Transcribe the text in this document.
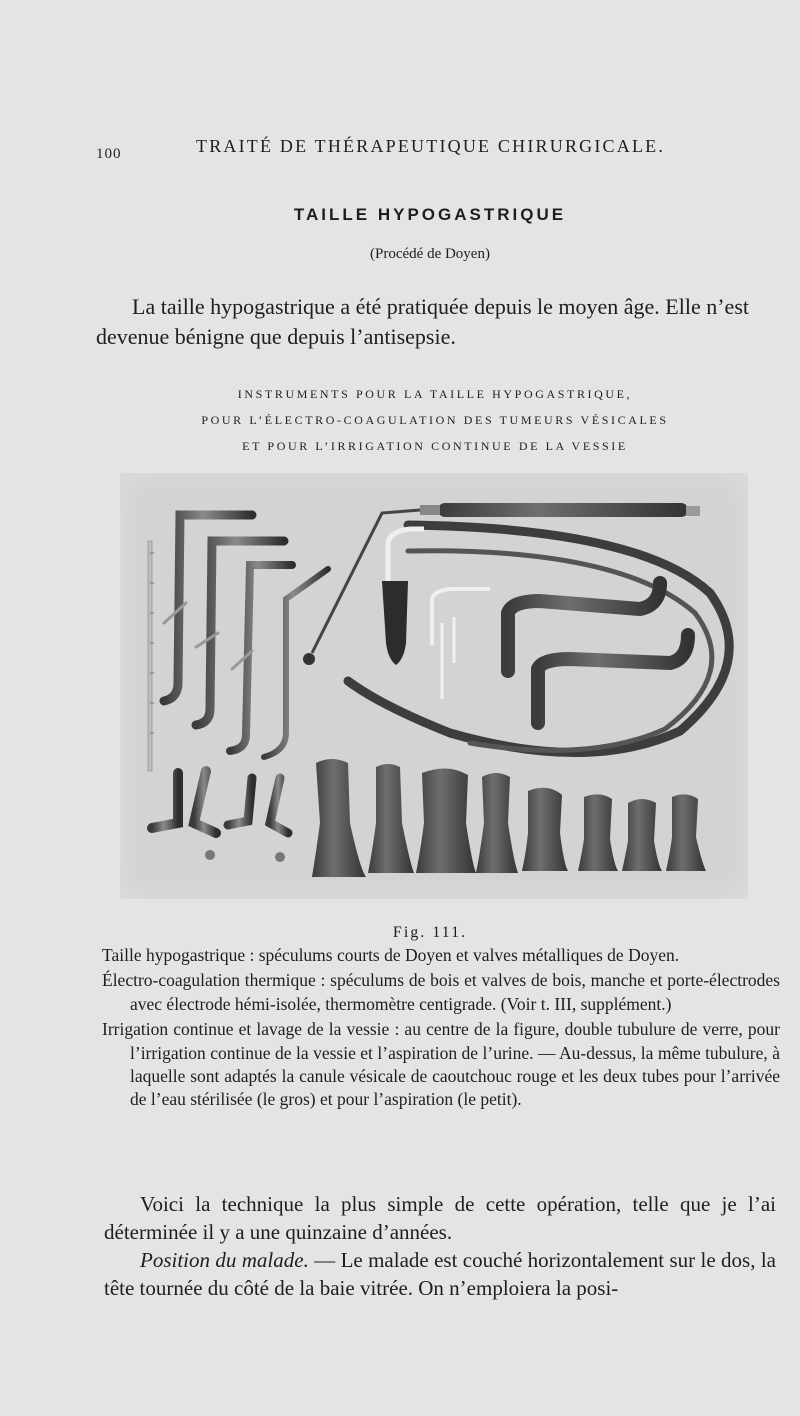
100	TRAITÉ DE THÉRAPEUTIQUE CHIRURGICALE.
TAILLE HYPOGASTRIQUE
(Procédé de Doyen)

La taille hypogastrique a été pratiquée depuis le moyen âge. Elle n’est devenue bénigne que depuis l’antisepsie.

INSTRUMENTS POUR LA TAILLE HYPOGASTRIQUE,
POUR L’ÉLECTRO-COAGULATION DES TUMEURS VÉSICALES
ET POUR L’IRRIGATION CONTINUE DE LA VESSIE
Fig. 111.

Taille hypogastrique : spéculums courts de Doyen et valves métalliques de Doyen.

Électro-coagulation thermique : spéculums de bois et valves de bois, manche et porte-électrodes avec électrode hémi-isolée, thermomètre centigrade. (Voir t. III, supplément.)

Irrigation continue et lavage de la vessie : au centre de la figure, double tubulure de verre, pour l’irrigation continue de la vessie et l’aspiration de l’urine. — Au-dessus, la même tubulure, à laquelle sont adaptés la canule vésicale de caoutchouc rouge et les deux tubes pour l’arrivée de l’eau stérilisée (le gros) et pour l’aspiration (le petit).

Voici la technique la plus simple de cette opération, telle que je l’ai déterminée il y a une quinzaine d’années.

Position du malade. — Le malade est couché horizontalement sur le dos, la tête tournée du côté de la baie vitrée. On n’emploiera la posi-
